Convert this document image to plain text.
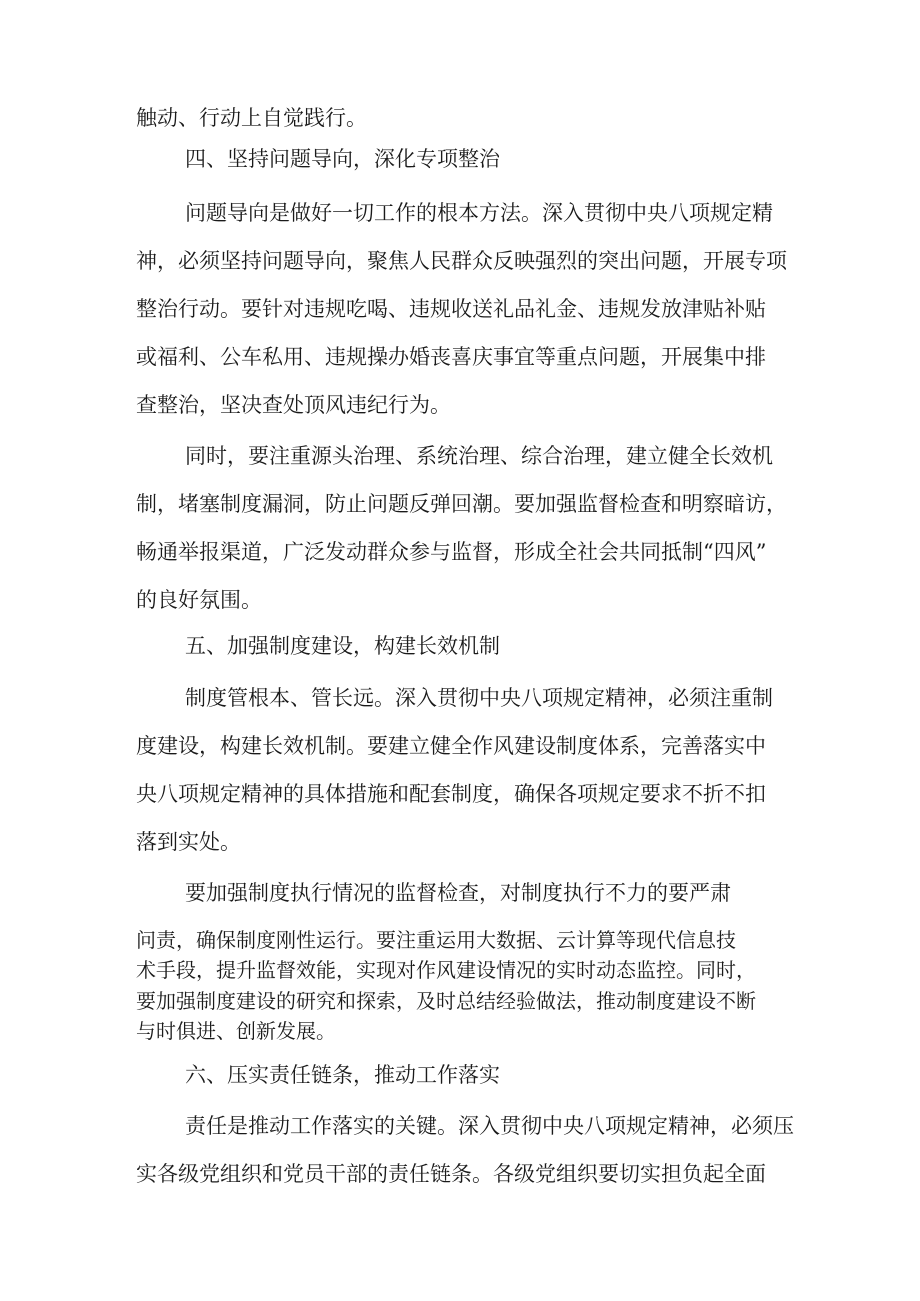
触动、行动上自觉践行。

四、坚持问题导向，深化专项整治

问题导向是做好一切工作的根本方法。深入贯彻中央八项规定精

神，必须坚持问题导向，聚焦人民群众反映强烈的突出问题，开展专项

整治行动。要针对违规吃喝、违规收送礼品礼金、违规发放津贴补贴

或福利、公车私用、违规操办婚丧喜庆事宜等重点问题，开展集中排

查整治，坚决查处顶风违纪行为。

同时，要注重源头治理、系统治理、综合治理，建立健全长效机

制，堵塞制度漏洞，防止问题反弹回潮。要加强监督检查和明察暗访，

畅通举报渠道，广泛发动群众参与监督，形成全社会共同抵制“四风”

的良好氛围。

五、加强制度建设，构建长效机制

制度管根本、管长远。深入贯彻中央八项规定精神，必须注重制

度建设，构建长效机制。要建立健全作风建设制度体系，完善落实中

央八项规定精神的具体措施和配套制度，确保各项规定要求不折不扣

落到实处。

要加强制度执行情况的监督检查，对制度执行不力的要严肃

问责，确保制度刚性运行。要注重运用大数据、云计算等现代信息技

术手段，提升监督效能，实现对作风建设情况的实时动态监控。同时，

要加强制度建设的研究和探索，及时总结经验做法，推动制度建设不断

与时俱进、创新发展。

六、压实责任链条，推动工作落实

责任是推动工作落实的关键。深入贯彻中央八项规定精神，必须压

实各级党组织和党员干部的责任链条。各级党组织要切实担负起全面
